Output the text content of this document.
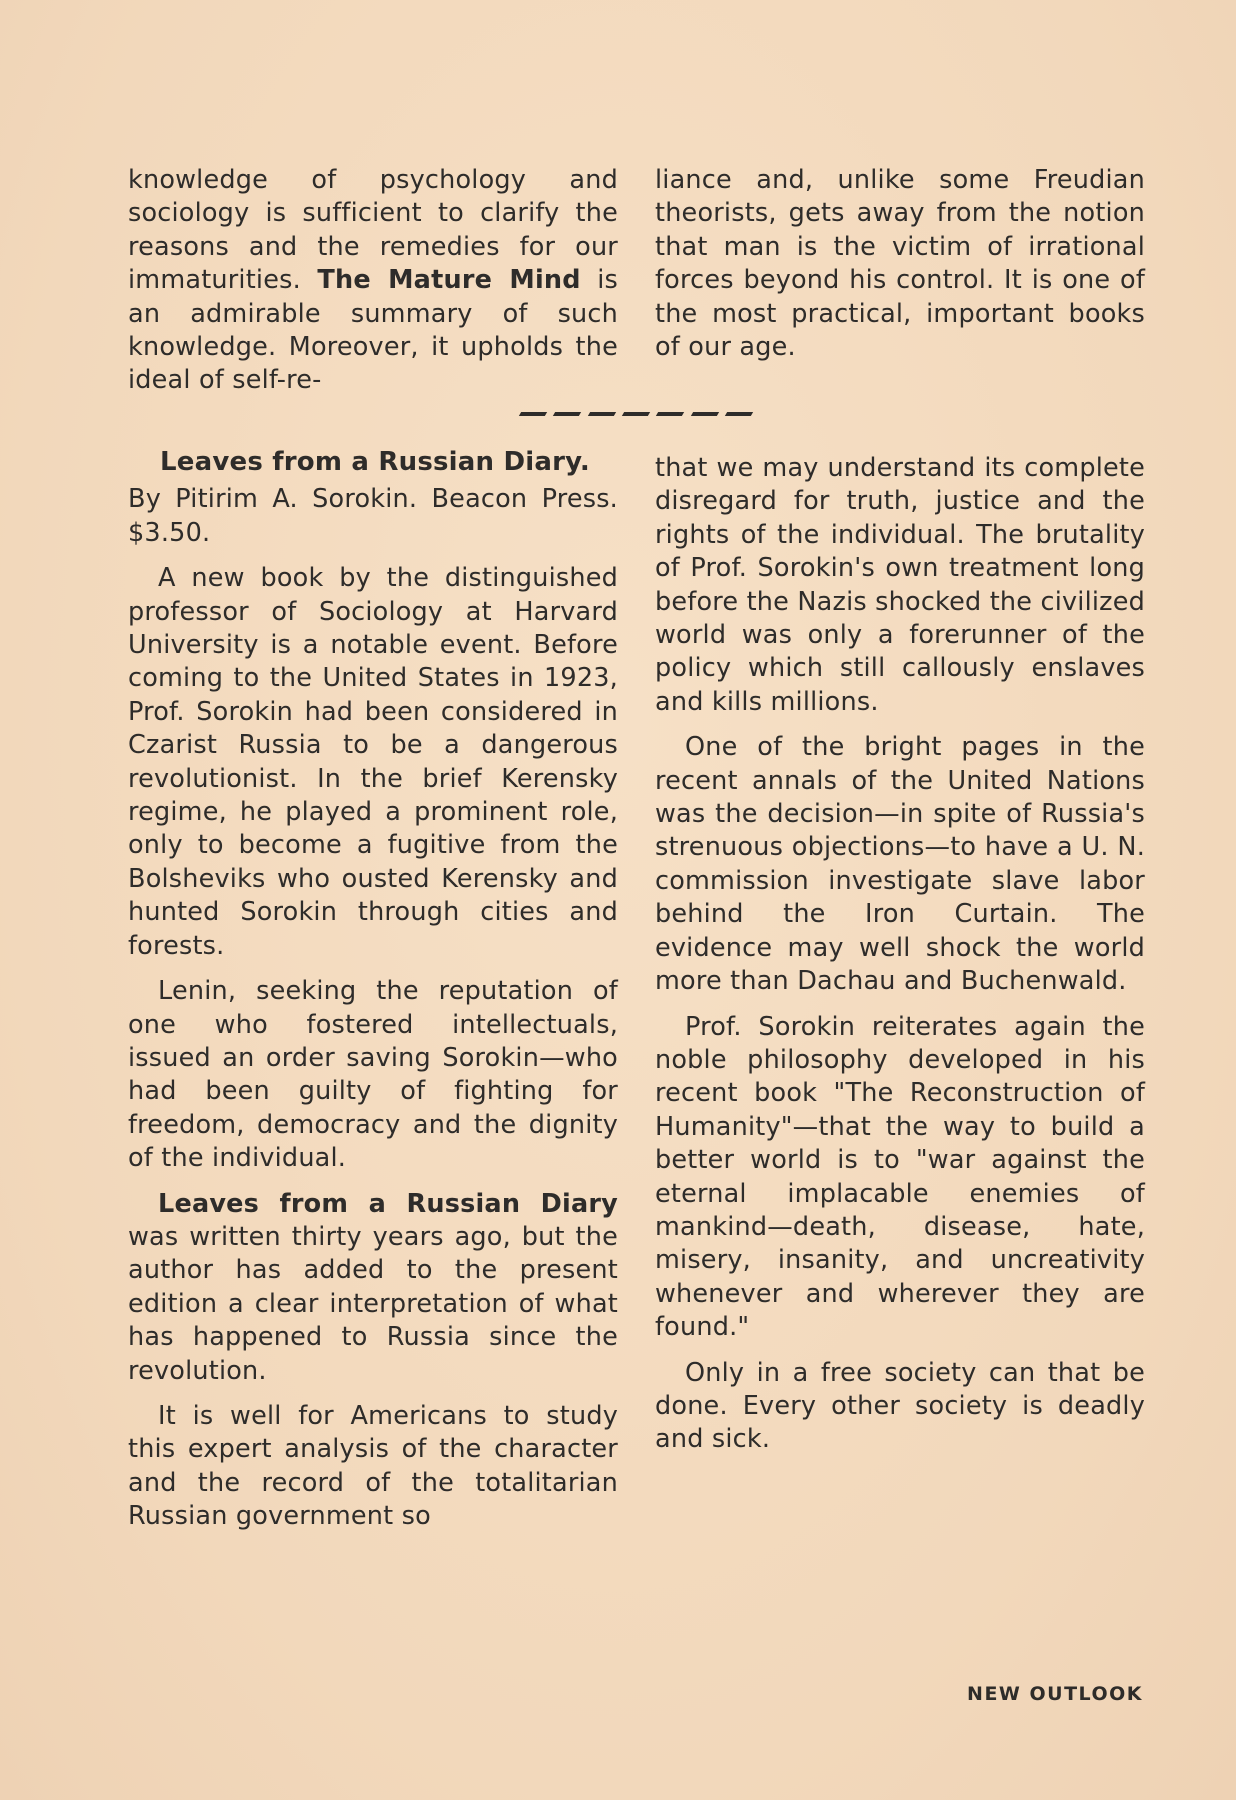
knowledge of psychology and sociology is sufficient to clarify the reasons and the remedies for our immaturities. The Mature Mind is an admirable summary of such knowledge. Moreover, it upholds the ideal of self-re-

liance and, unlike some Freudian theorists, gets away from the notion that man is the victim of irrational forces beyond his control. It is one of the most practical, important books of our age.

Leaves from a Russian Diary.

By Pitirim A. Sorokin. Beacon Press. $3.50.

A new book by the distinguished professor of Sociology at Harvard University is a notable event. Before coming to the United States in 1923, Prof. Sorokin had been considered in Czarist Russia to be a dangerous revolutionist. In the brief Kerensky regime, he played a prominent role, only to become a fugitive from the Bolsheviks who ousted Kerensky and hunted Sorokin through cities and forests.

Lenin, seeking the reputation of one who fostered intellectuals, issued an order saving Sorokin—who had been guilty of fighting for freedom, democracy and the dignity of the individual.

Leaves from a Russian Diary was written thirty years ago, but the author has added to the present edition a clear interpretation of what has happened to Russia since the revolution.

It is well for Americans to study this expert analysis of the character and the record of the totalitarian Russian government so

that we may understand its complete disregard for truth, justice and the rights of the individual. The brutality of Prof. Sorokin's own treatment long before the Nazis shocked the civilized world was only a forerunner of the policy which still callously enslaves and kills millions.

One of the bright pages in the recent annals of the United Nations was the decision—in spite of Russia's strenuous objections—to have a U. N. commission investigate slave labor behind the Iron Curtain. The evidence may well shock the world more than Dachau and Buchenwald.

Prof. Sorokin reiterates again the noble philosophy developed in his recent book "The Reconstruction of Humanity"—that the way to build a better world is to "war against the eternal implacable enemies of mankind—death, disease, hate, misery, insanity, and uncreativity whenever and wherever they are found."

Only in a free society can that be done. Every other society is deadly and sick.

NEW OUTLOOK
